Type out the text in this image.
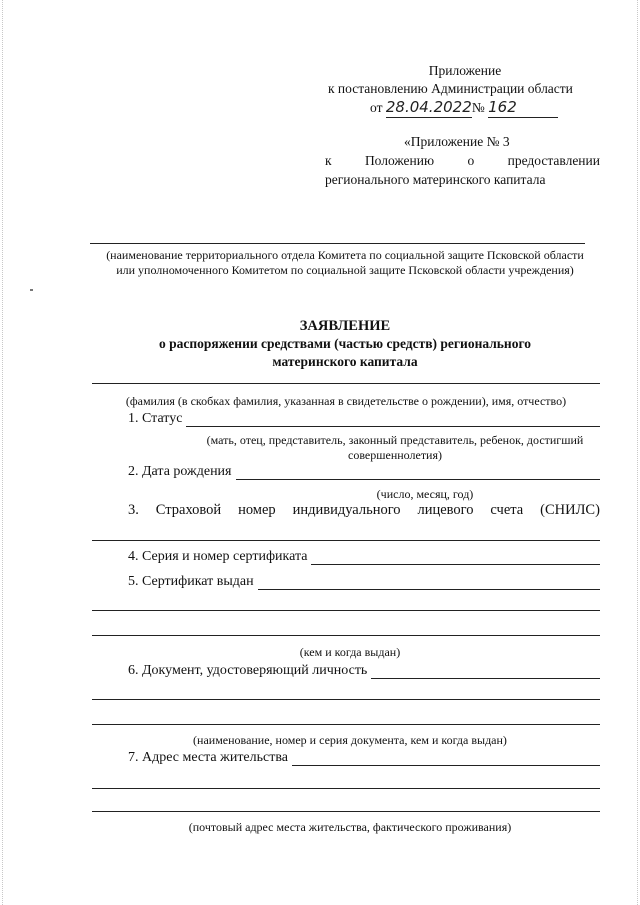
Приложение
к постановлению Администрации области
от 28.04.2022№ 162
«Приложение № 3
к Положению о предоставлении
регионального материнского капитала
(наименование территориального отдела Комитета по социальной защите Псковской области или уполномоченного Комитетом по социальной защите Псковской области учреждения)
ЗАЯВЛЕНИЕ
о распоряжении средствами (частью средств) регионального
материнского капитала
(фамилия (в скобках фамилия, указанная в свидетельстве о рождении), имя, отчество)
1. Статус
(мать, отец, представитель, законный представитель, ребенок, достигший совершеннолетия)
2. Дата рождения
(число, месяц, год)
3. Страховой номер индивидуального лицевого счета (СНИЛС)
4. Серия и номер сертификата
5. Сертификат выдан
(кем и когда выдан)
6. Документ, удостоверяющий личность
(наименование, номер и серия документа, кем и когда выдан)
7. Адрес места жительства
(почтовый адрес места жительства, фактического проживания)
